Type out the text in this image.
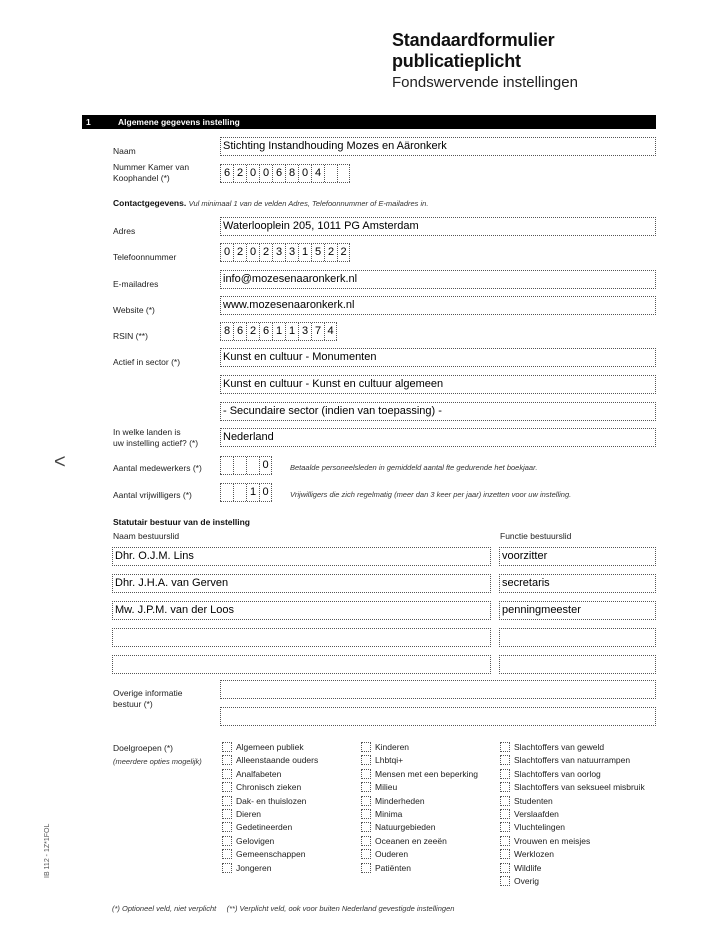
Standaardformulier
publicatieplicht
Fondswervende instellingen
1	Algemene gegevens instelling
Naam	Stichting Instandhouding Mozes en Aäronkerk
Nummer Kamer van
Koophandel (*)	6 2 0 0 6 8 0 4
Contactgegevens. Vul minimaal 1 van de velden Adres, Telefoonnummer of E-mailadres in.
Adres	Waterlooplein 205, 1011 PG Amsterdam
Telefoonnummer	0 2 0 2 3 3 1 5 2 2
E-mailadres	info@mozesenaaronkerk.nl
Website (*)	www.mozesenaaronkerk.nl
RSIN (**)	8 6 2 6 1 1 3 7 4
Actief in sector (*)	Kunst en cultuur - Monumenten
Kunst en cultuur - Kunst en cultuur algemeen
- Secundaire sector (indien van toepassing) -
In welke landen is
uw instelling actief? (*) Nederland
<	Aantal medewerkers (*)	0	Betaalde personeelsleden in gemiddeld aantal fte gedurende het boekjaar.
Aantal vrijwilligers (*)	1 0	Vrijwilligers die zich regelmatig (meer dan 3 keer per jaar) inzetten voor uw instelling.
Statutair bestuur van de instelling
Naam bestuurslid	Functie bestuurslid
Dhr. O.J.M. Lins	voorzitter
Dhr. J.H.A. van Gerven	secretaris
Mw. J.P.M. van der Loos	penningmeester
Overige informatie
bestuur (*)
Doelgroepen (*)
(meerdere opties mogelijk)
Algemeen publiek
Alleenstaande ouders
Analfabeten
Chronisch zieken
Dak- en thuislozen
Dieren
Gedetineerden
Gelovigen
Gemeenschappen
Jongeren
Kinderen
Lhbtqi+
Mensen met een beperking
Milieu
Minderheden
Minima
Natuurgebieden
Oceanen en zeeën
Ouderen
Patiënten
Slachtoffers van geweld
Slachtoffers van natuurrampen
Slachtoffers van oorlog
Slachtoffers van seksueel misbruik
Studenten
Verslaafden
Vluchtelingen
Vrouwen en meisjes
Werklozen
Wildlife
Overig
(*) Optioneel veld, niet verplicht (**) Verplicht veld, ook voor buiten Nederland gevestigde instellingen
IB 112 - 1Z*1FOL
